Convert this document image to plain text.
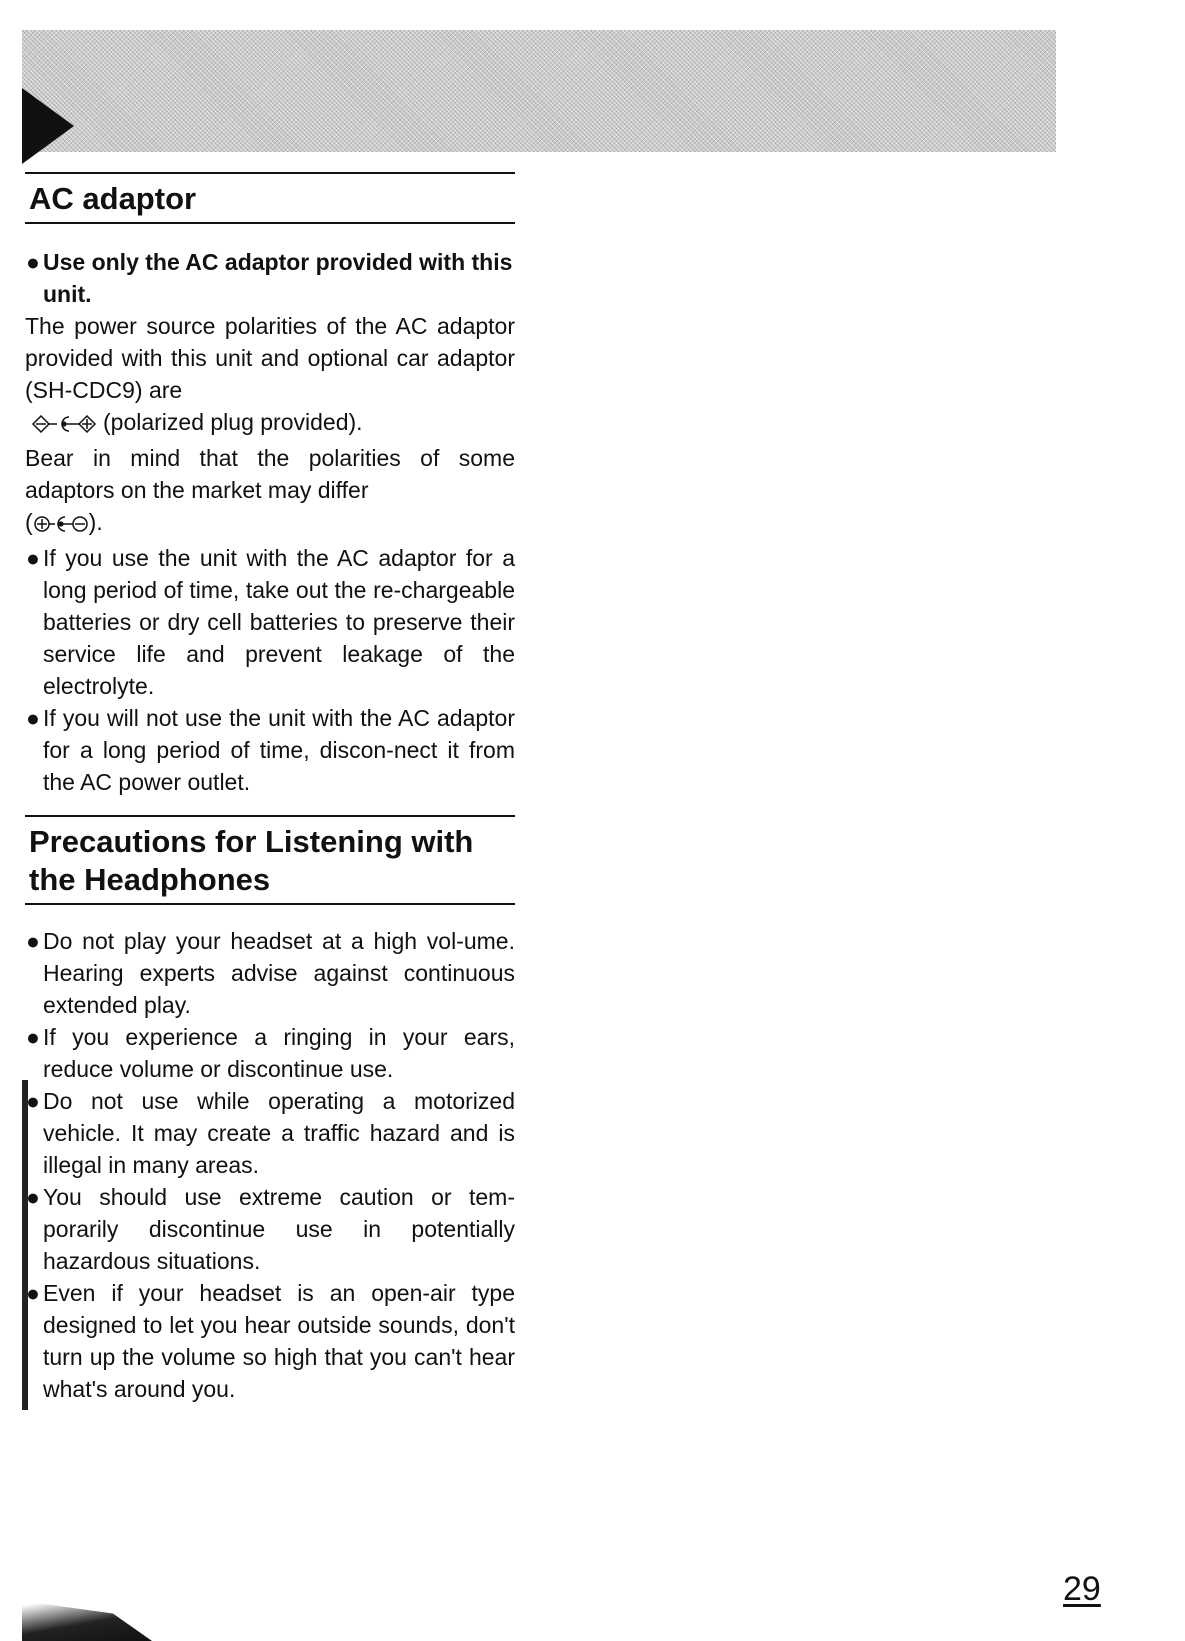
AC adaptor
● Use only the AC adaptor provided with this unit.
The power source polarities of the AC adaptor provided with this unit and optional car adaptor (SH-CDC9) are
(polarized plug provided).
Bear in mind that the polarities of some adaptors on the market may differ
( ).
● If you use the unit with the AC adaptor for a long period of time, take out the re-chargeable batteries or dry cell batteries to preserve their service life and prevent leakage of the electrolyte.
● If you will not use the unit with the AC adaptor for a long period of time, discon-nect it from the AC power outlet.
Precautions for Listening with
the Headphones
● Do not play your headset at a high vol-ume. Hearing experts advise against continuous extended play.
● If you experience a ringing in your ears, reduce volume or discontinue use.
● Do not use while operating a motorized vehicle. It may create a traffic hazard and is illegal in many areas.
● You should use extreme caution or tem-porarily discontinue use in potentially hazardous situations.
● Even if your headset is an open-air type designed to let you hear outside sounds, don't turn up the volume so high that you can't hear what's around you.
29
